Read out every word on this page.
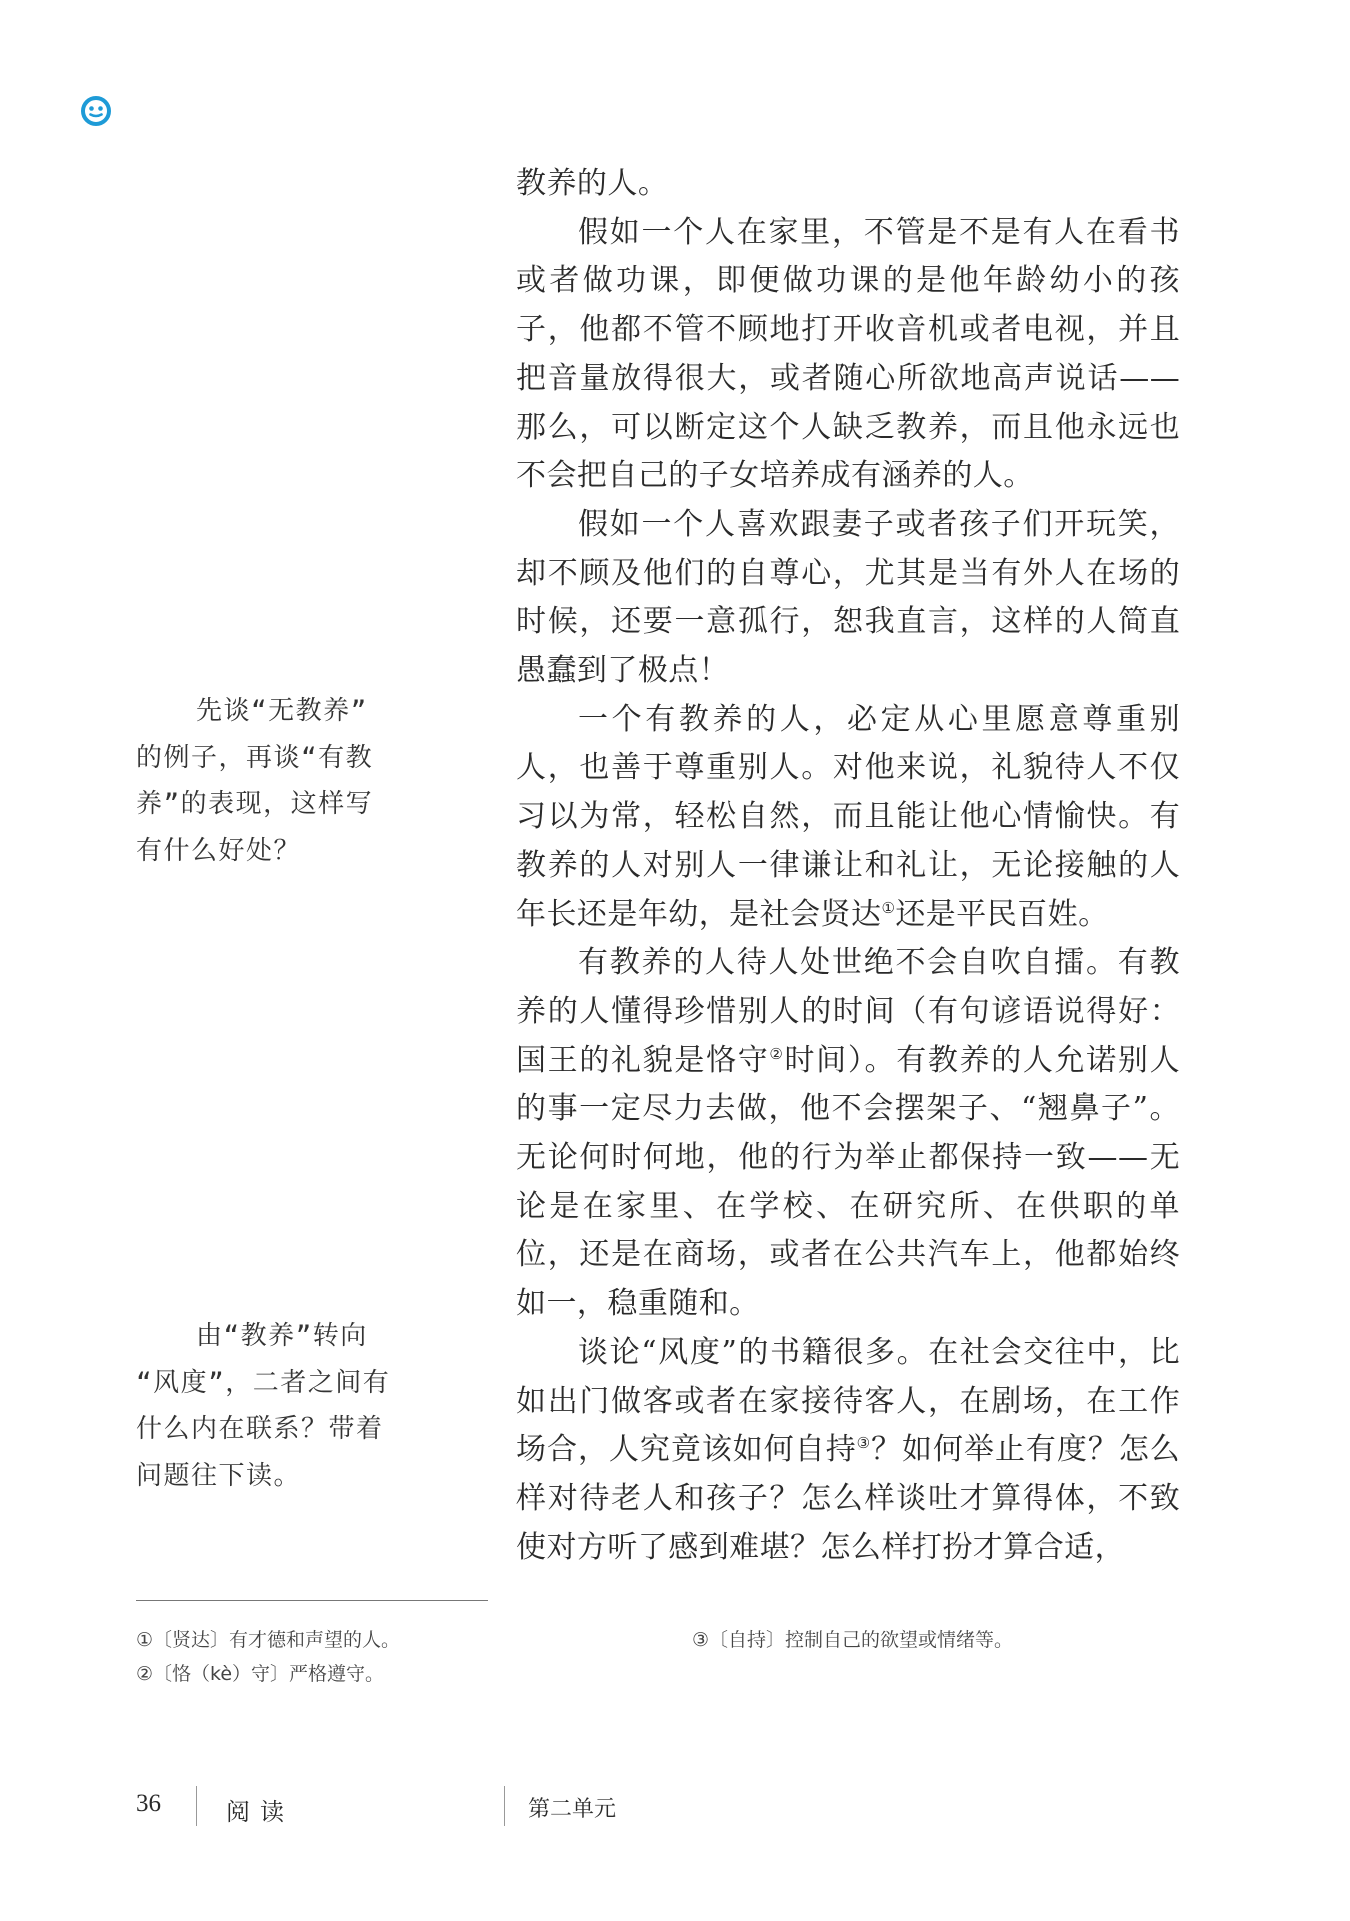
教养的人。

假如一个人在家里，不管是不是有人在看书或者做功课，即便做功课的是他年龄幼小的孩子，他都不管不顾地打开收音机或者电视，并且把音量放得很大，或者随心所欲地高声说话——那么，可以断定这个人缺乏教养，而且他永远也不会把自己的子女培养成有涵养的人。

假如一个人喜欢跟妻子或者孩子们开玩笑，却不顾及他们的自尊心，尤其是当有外人在场的时候，还要一意孤行，恕我直言，这样的人简直愚蠢到了极点！

一个有教养的人，必定从心里愿意尊重别人，也善于尊重别人。对他来说，礼貌待人不仅习以为常，轻松自然，而且能让他心情愉快。有教养的人对别人一律谦让和礼让，无论接触的人年长还是年幼，是社会贤达①还是平民百姓。

有教养的人待人处世绝不会自吹自擂。有教养的人懂得珍惜别人的时间（有句谚语说得好：国王的礼貌是恪守②时间）。有教养的人允诺别人的事一定尽力去做，他不会摆架子、“翘鼻子”。无论何时何地，他的行为举止都保持一致——无论是在家里、在学校、在研究所、在供职的单位，还是在商场，或者在公共汽车上，他都始终如一，稳重随和。

谈论“风度”的书籍很多。在社会交往中，比如出门做客或者在家接待客人，在剧场，在工作场合，人究竟该如何自持③？如何举止有度？怎么样对待老人和孩子？怎么样谈吐才算得体，不致使对方听了感到难堪？怎么样打扮才算合适，

先谈“无教养”
的例子，再谈“有教
养”的表现，这样写
有什么好处？
由“教养”转向
“风度”，二者之间有
什么内在联系？带着
问题往下读。
①〔贤达〕有才德和声望的人。
②〔恪（kè）守〕严格遵守。
③〔自持〕控制自己的欲望或情绪等。
36	阅读	第二单元
